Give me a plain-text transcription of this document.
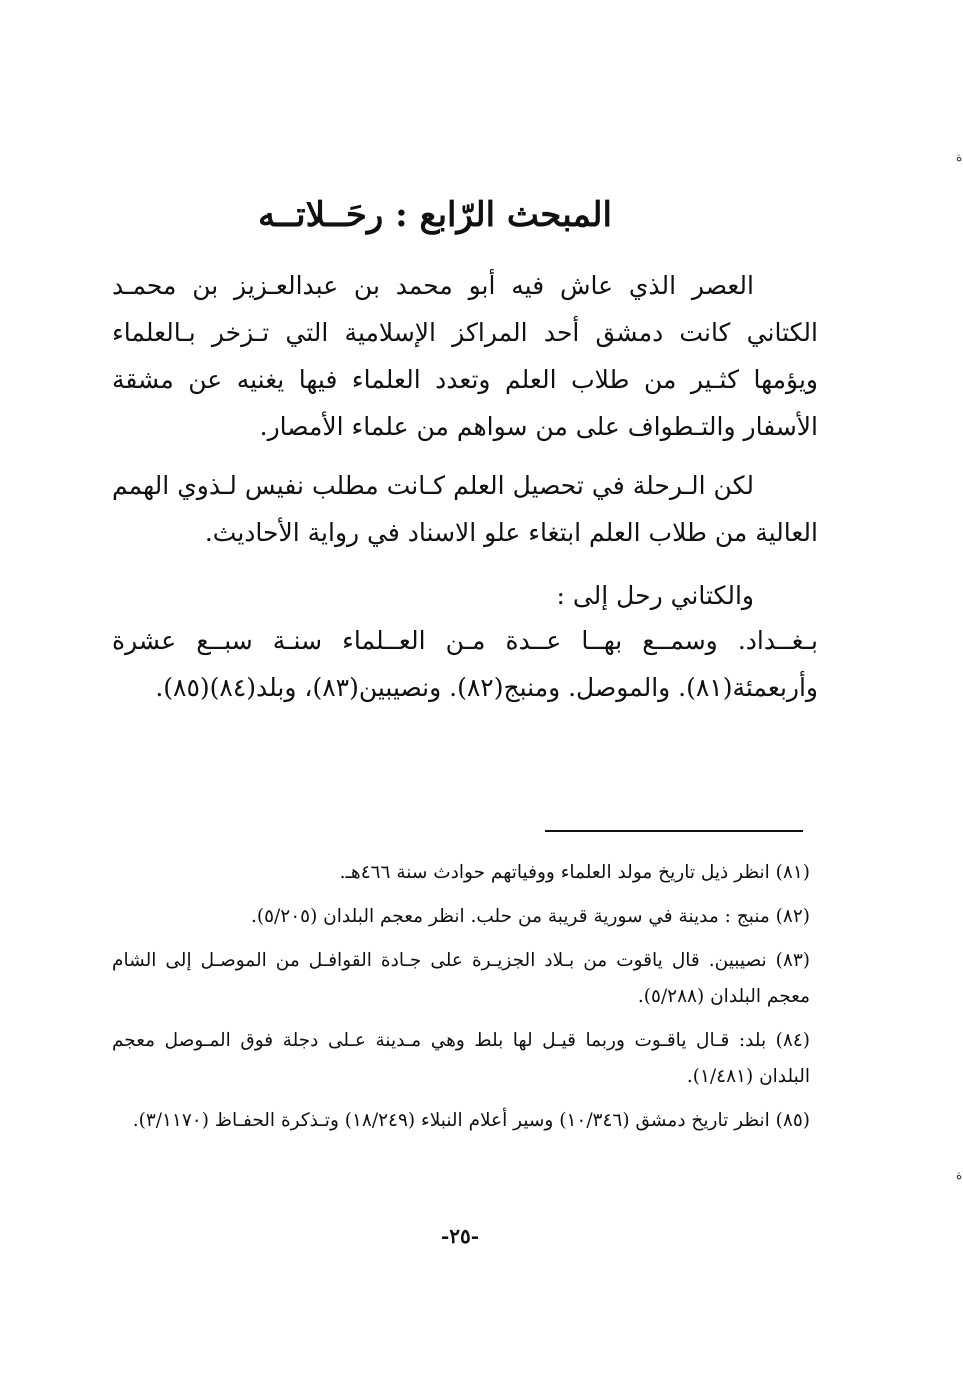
المبحث الرّابع : رحَــلاتــه

العصر الذي عاش فيه أبو محمد بن عبدالعـزيز بن محمـد الكتاني كانت دمشق أحد المراكز الإسلامية التي تـزخر بـالعلماء ويؤمها كثـير من طلاب العلم وتعدد العلماء فيها يغنيه عن مشقة الأسفار والتـطواف على من سواهم من علماء الأمصار.

لكن الـرحلة في تحصيل العلم كـانت مطلب نفيس لـذوي الهمم العالية من طلاب العلم ابتغاء علو الاسناد في رواية الأحاديث.

والكتاني رحل إلى :

بـغــداد. وسمــع بهــا عــدة مـن العــلماء سنـة سبــع عشرة وأربعمئة(٨١). والموصل. ومنبج(٨٢). ونصيبين(٨٣)، وبلد(٨٤)(٨٥).

(٨١) انظر ذيل تاريخ مولد العلماء ووفياتهم حوادث سنة ٤٦٦هـ.
(٨٢) منبج : مدينة في سورية قريبة من حلب. انظر معجم البلدان (٥/٢٠٥).
(٨٣) نصيبين. قال ياقوت من بـلاد الجزيـرة على جـادة القوافـل من الموصـل إلى الشام معجم البلدان (٥/٢٨٨).
(٨٤) بلد: قـال ياقـوت وربما قيـل لها بلط وهي مـدينة عـلى دجلة فوق المـوصل معجم البلدان (١/٤٨١).
(٨٥) انظر تاريخ دمشق (١٠/٣٤٦) وسير أعلام النبلاء (١٨/٢٤٩) وتـذكرة الحفـاظ (٣/١١٧٠).
-٢٥-
ﺓ
ﺓ
